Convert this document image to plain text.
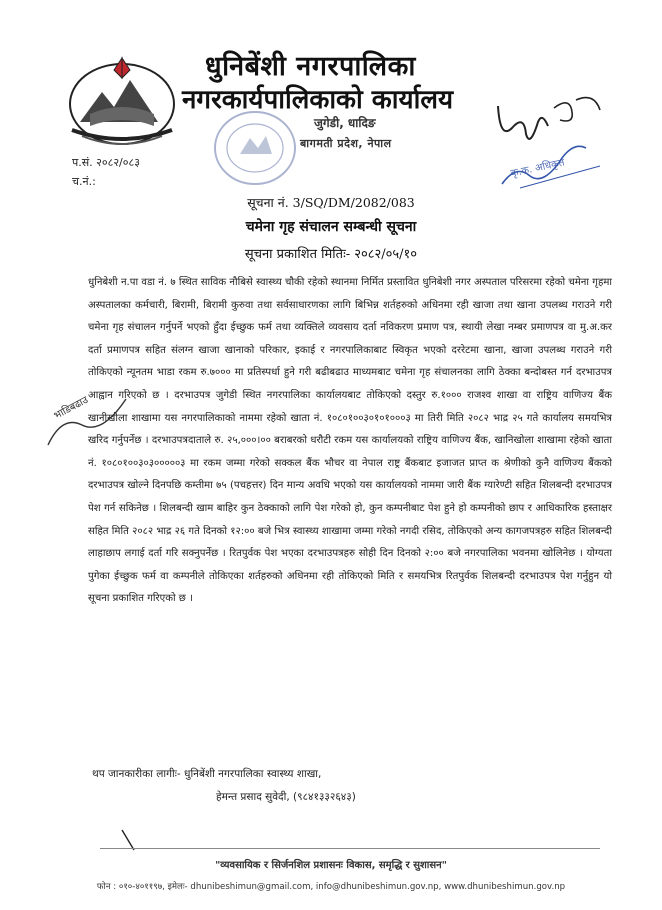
धुनिबेंशी नगरपालिका
नगरकार्यपालिकाको कार्यालय
जुगेडी, धादिङ
बागमती प्रदेश, नेपाल
प.सं. २०८२/०८३
च.नं.:
कृ.क. अधिकृत
सूचना नं. 3/SQ/DM/2082/083
चमेना गृह संचालन सम्बन्धी सूचना
सूचना प्रकाशित मितिः- २०८२/०५/१०

धुनिबेशी न.पा वडा नं. ७ स्थित साविक नौबिसे स्वास्थ्य चौकी रहेको स्थानमा निर्मित प्रस्तावित धुनिबेशी नगर अस्पताल परिसरमा रहेको चमेना गृहमा अस्पतालका कर्मचारी, बिरामी, बिरामी कुरुवा तथा सर्वसाधारणका लागि बिभिन्न शर्तहरुको अधिनमा रही खाजा तथा खाना उपलब्ध गराउने गरी चमेना गृह संचालन गर्नुपर्ने भएको हुँदा ईच्छुक फर्म तथा व्यक्तिले व्यवसाय दर्ता नविकरण प्रमाण पत्र, स्थायी लेखा नम्बर प्रमाणपत्र वा मु.अ.कर दर्ता प्रमाणपत्र सहित संलग्न खाजा खानाको परिकार, इकाई र नगरपालिकाबाट स्विकृत भएको दररेटमा खाना, खाजा उपलब्ध गराउने गरी तोकिएको न्यूनतम भाडा रकम रु.७००० मा प्रतिस्पर्धा हुने गरी बढीबढाउ माध्यमबाट चमेना गृह संचालनका लागि ठेक्का बन्दोबस्त गर्न दरभाउपत्र आह्वान गरिएको छ । दरभाउपत्र जुगेडी स्थित नगरपालिका कार्यालयबाट तोकिएको दस्तुर रु.१००० राजश्व शाखा वा राष्ट्रिय वाणिज्य बैंक खानीखोला शाखामा यस नगरपालिकाको नाममा रहेको खाता नं. १०८०१००३०१०१०००३ मा तिरी मिति २०८२ भाद्र २५ गते कार्यालय समयभित्र खरिद गर्नुपर्नेछ । दरभाउपत्रदाताले रु. २५,०००।०० बराबरको धरौटी रकम यस कार्यालयको राष्ट्रिय वाणिज्य बैंक, खानिखोला शाखामा रहेको खाता नं. १०८०१००३०३०००००३ मा रकम जम्मा गरेको सक्कल बैंक भौचर वा नेपाल राष्ट्र बैंकबाट इजाजत प्राप्त क श्रेणीको कुनै वाणिज्य बैंकको दरभाउपत्र खोल्ने दिनपछि कम्तीमा ७५ (पचहत्तर) दिन मान्य अवधि भएको यस कार्यालयको नाममा जारी बैंक ग्यारेण्टी सहित शिलबन्दी दरभाउपत्र पेश गर्न सकिनेछ । शिलबन्दी खाम बाहिर कुन ठेक्काको लागि पेश गरेको हो, कुन कम्पनीबाट पेश हुने हो कम्पनीको छाप र आधिकारिक हस्ताक्षर सहित मिति २०८२ भाद्र २६ गते दिनको १२:०० बजे भित्र स्वास्थ्य शाखामा जम्मा गरेको नगदी रसिद, तोकिएको अन्य कागजपत्रहरु सहित शिलबन्दी लाहाछाप लगाई दर्ता गरि सक्नुपर्नेछ । रितपुर्वक पेश भएका दरभाउपत्रहरु सोही दिन दिनको २:०० बजे नगरपालिका भवनमा खोलिनेछ । योग्यता पुगेका ईच्छुक फर्म वा कम्पनीले तोकिएका शर्तहरुको अधिनमा रही तोकिएको मिति र समयभित्र रितपुर्वक शिलबन्दी दरभाउपत्र पेश गर्नुहुन यो सूचना प्रकाशित गरिएको छ ।

भाडिबढाउ
थप जानकारीका लागीः- धुनिबेंशी नगरपालिका स्वास्थ्य शाखा,
हेमन्त प्रसाद सुवेदी, (९८४१३३२६४३)
"व्यवसायिक र सिर्जनशिल प्रशासनः विकास, समृद्धि र सुशासन"
फोन : ०१०-४०११९७, इमेलः- dhunibeshimun@gmail.com, info@dhunibeshimun.gov.np, www.dhunibeshimun.gov.np
